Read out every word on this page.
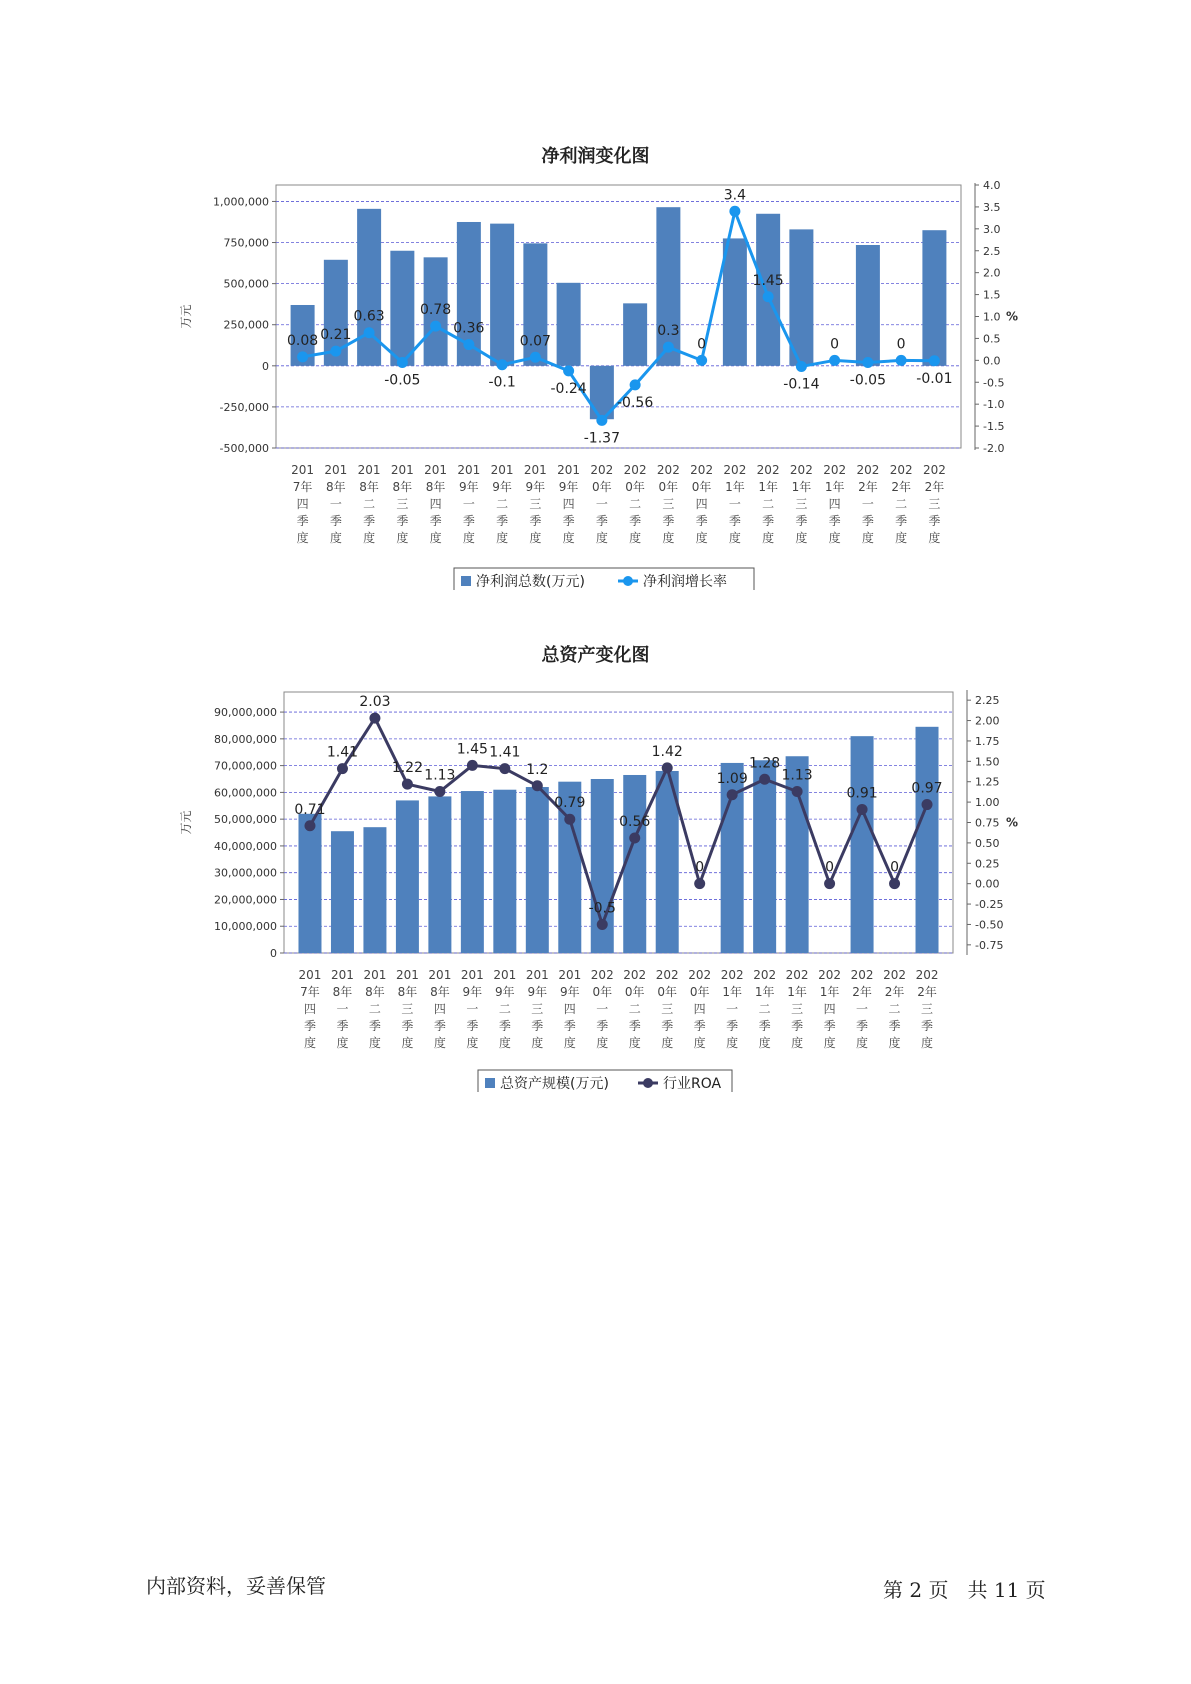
净利润变化图
1,000,000
750,000
500,000
250,000
0
-250,000
-500,000
4.0
3.5
3.0
2.5
2.0
1.5
1.0
0.5
0.0
-0.5
-1.0
-1.5
-2.0
万元	%
0.08 0.21
0.63
-0.05
0.78
0.36
-0.1
0.07
-0.24
-1.37
-0.56
0.3
0
3.4
1.45
-0.14
0
-0.05
0
-0.01
201
7年
四
季
度
201
8年
一
季
度
201
8年
二
季
度
201
8年
三
季
度
201
8年
四
季
度
201
9年
一
季
度
201
9年
二
季
度
201
9年
三
季
度
201
9年
四
季
度
202
0年
一
季
度
202
0年
二
季
度
202
0年
三
季
度
202
0年
四
季
度
202
1年
一
季
度
202
1年
二
季
度
202
1年
三
季
度
202
1年
四
季
度
202
2年
一
季
度
202
2年
二
季
度
202
2年
三
季
度
净利润总数(万元)	净利润增长率
总资产变化图
90,000,000
80,000,000
70,000,000
60,000,000
50,000,000
40,000,000
30,000,000
20,000,000
10,000,000
0
2.25
2.00
1.75
1.50
1.25
1.00
0.75
0.50
0.25
0.00
-0.25
-0.50
-0.75
万元	%
0.71
1.41
2.03
1.22 1.13
1.45 1.41
1.2
0.79
-0.5
0.56
1.42
0
1.09
1.28
1.13
0
0.91
0
0.97
201
7年
四
季
度
201
8年
一
季
度
201
8年
二
季
度
201
8年
三
季
度
201
8年
四
季
度
201
9年
一
季
度
201
9年
二
季
度
201
9年
三
季
度
201
9年
四
季
度
202
0年
一
季
度
202
0年
二
季
度
202
0年
三
季
度
202
0年
四
季
度
202
1年
一
季
度
202
1年
二
季
度
202
1年
三
季
度
202
1年
四
季
度
202
2年
一
季
度
202
2年
二
季
度
202
2年
三
季
度
总资产规模(万元)	行业ROA
内部资料，妥善保管	第 2 页   共 11 页
